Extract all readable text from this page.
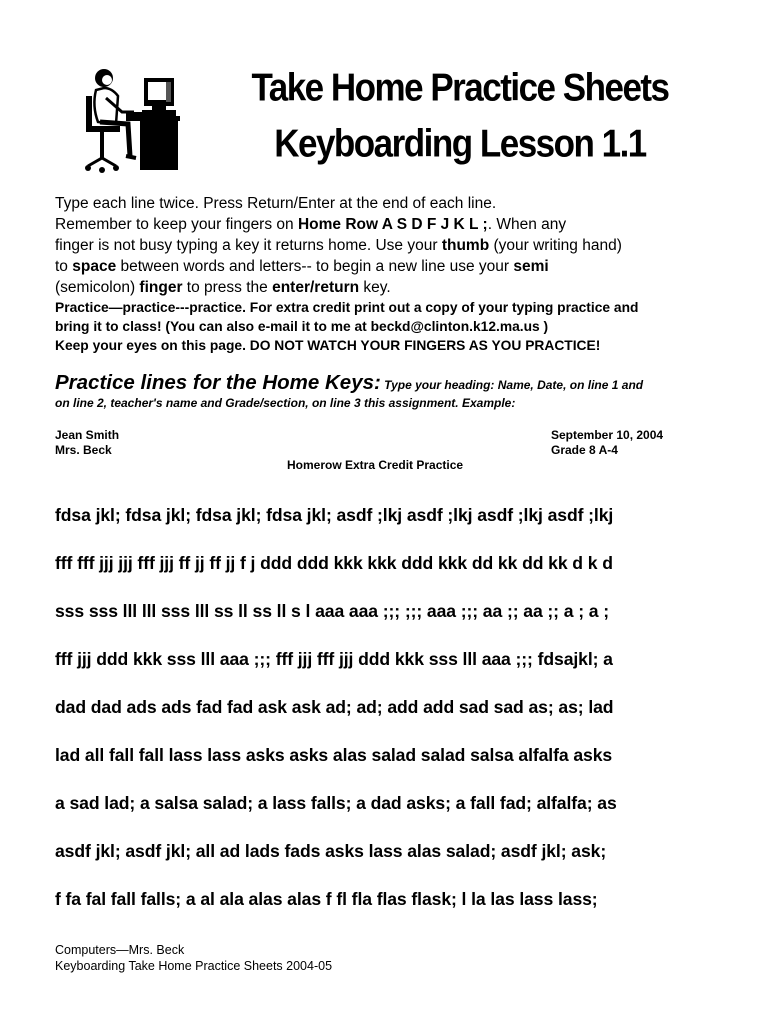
Take Home Practice Sheets
Keyboarding Lesson 1.1

Type each line twice. Press Return/Enter at the end of each line.

Remember to keep your fingers on Home Row A S D F J K L ;. When any

finger is not busy typing a key it returns home. Use your thumb (your writing hand)

to space between words and letters-- to begin a new line use your semi

(semicolon) finger to press the enter/return key.

Practice—practice---practice. For extra credit print out a copy of your typing practice and

bring it to class! (You can also e-mail it to me at beckd@clinton.k12.ma.us )

Keep your eyes on this page. DO NOT WATCH YOUR FINGERS AS YOU PRACTICE!

Practice lines for the Home Keys: Type your heading: Name, Date, on line 1 and
on line 2, teacher's name and Grade/section, on line 3 this assignment. Example:
Jean Smith	September 10, 2004
Mrs. Beck	Grade 8 A-4
Homerow Extra Credit Practice
fdsa jkl; fdsa jkl; fdsa jkl; fdsa jkl; asdf ;lkj asdf ;lkj asdf ;lkj asdf ;lkj
fff fff jjj jjj fff jjj ff jj ff jj f j ddd ddd kkk kkk ddd kkk dd kk dd kk d k d
sss sss lll lll sss lll ss ll ss ll s l aaa aaa ;;; ;;; aaa ;;; aa ;; aa ;; a ; a ;
fff jjj ddd kkk sss lll aaa ;;; fff jjj fff jjj ddd kkk sss lll aaa ;;; fdsajkl; a
dad dad ads ads fad fad ask ask ad; ad; add add sad sad as; as; lad
lad all fall fall lass lass asks asks alas salad salad salsa alfalfa asks
a sad lad; a salsa salad; a lass falls; a dad asks; a fall fad; alfalfa; as
asdf jkl; asdf jkl; all ad lads fads asks lass alas salad; asdf jkl; ask;
f fa fal fall falls; a al ala alas alas f fl fla flas flask; l la las lass lass;
Computers—Mrs. Beck
Keyboarding Take Home Practice Sheets 2004-05
